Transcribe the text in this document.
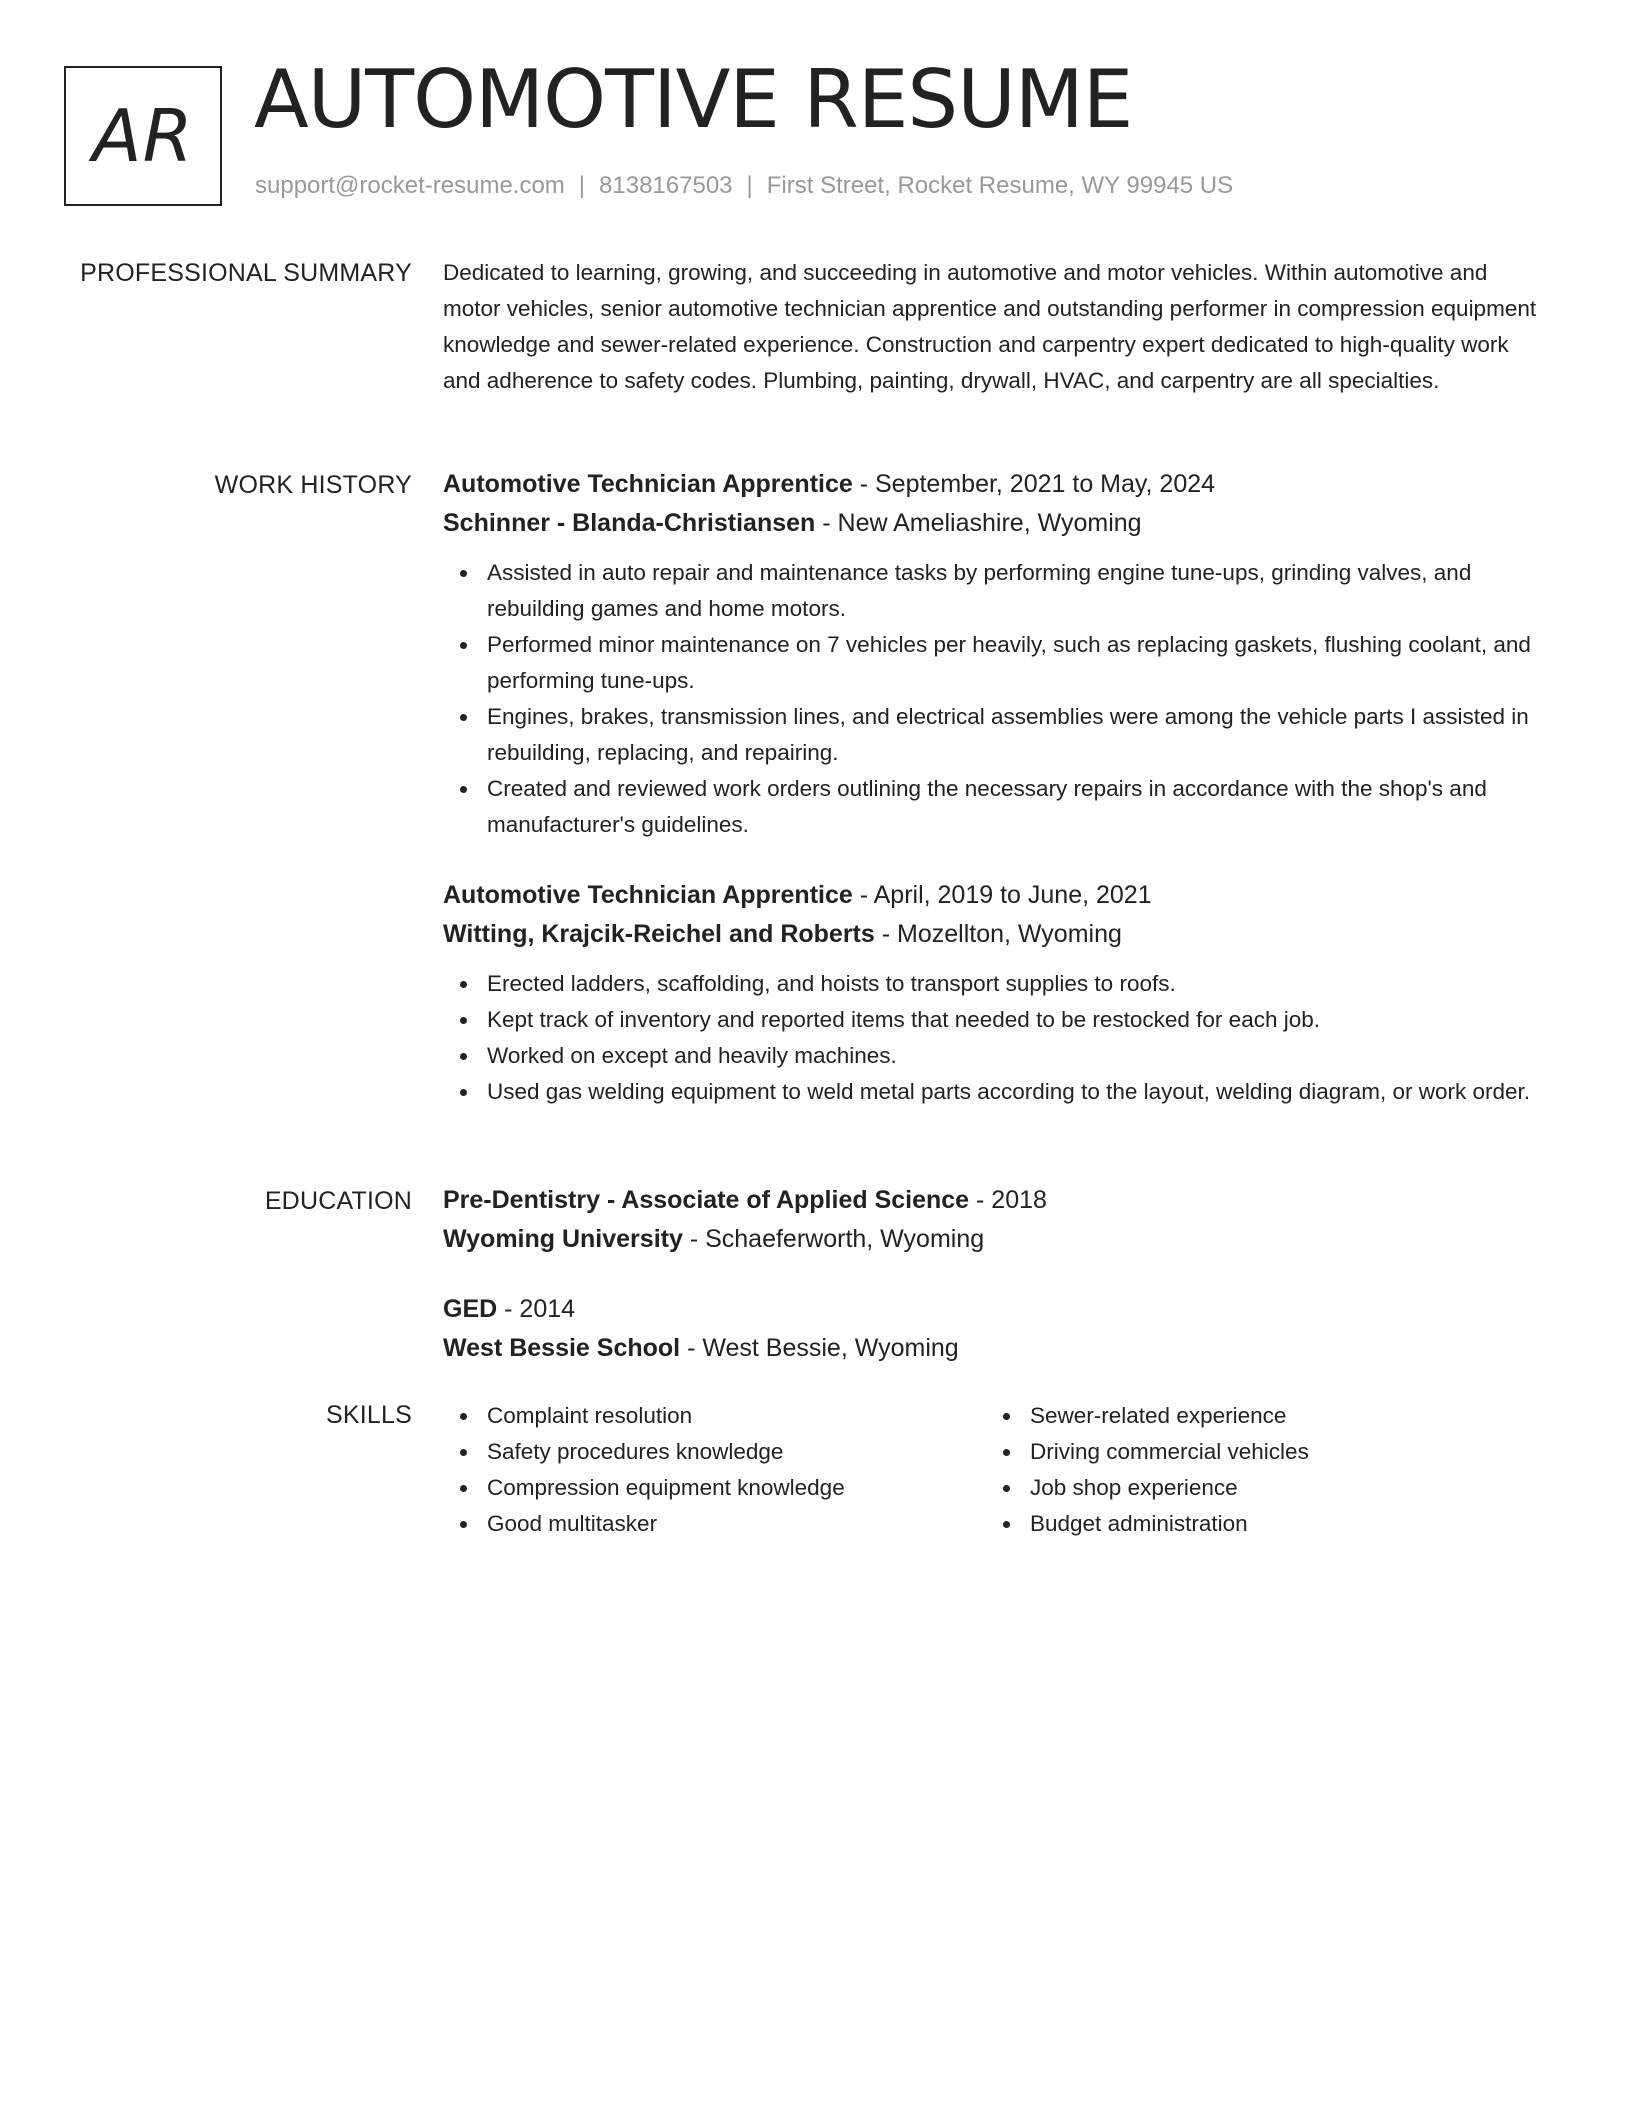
AR AUTOMOTIVE RESUME
support@rocket-resume.com | 8138167503 | First Street, Rocket Resume, WY 99945 US
PROFESSIONAL SUMMARY Dedicated to learning, growing, and succeeding in automotive and motor vehicles. Within automotive and motor vehicles, senior automotive technician apprentice and outstanding performer in compression equipment knowledge and sewer-related experience. Construction and carpentry expert dedicated to high-quality work and adherence to safety codes. Plumbing, painting, drywall, HVAC, and carpentry are all specialties.

WORK HISTORY Automotive Technician Apprentice - September, 2021 to May, 2024
Schinner - Blanda-Christiansen - New Ameliashire, Wyoming
Assisted in auto repair and maintenance tasks by performing engine tune-ups, grinding valves, and rebuilding games and home motors.
Performed minor maintenance on 7 vehicles per heavily, such as replacing gaskets, flushing coolant, and performing tune-ups.
Engines, brakes, transmission lines, and electrical assemblies were among the vehicle parts I assisted in rebuilding, replacing, and repairing.
Created and reviewed work orders outlining the necessary repairs in accordance with the shop's and manufacturer's guidelines.
Automotive Technician Apprentice - April, 2019 to June, 2021
Witting, Krajcik-Reichel and Roberts - Mozellton, Wyoming
Erected ladders, scaffolding, and hoists to transport supplies to roofs.
Kept track of inventory and reported items that needed to be restocked for each job.
Worked on except and heavily machines.
Used gas welding equipment to weld metal parts according to the layout, welding diagram, or work order.
EDUCATION Pre-Dentistry - Associate of Applied Science - 2018
Wyoming University - Schaeferworth, Wyoming
GED - 2014
West Bessie School - West Bessie, Wyoming
SKILLS	Complaint resolution
Safety procedures knowledge
Compression equipment knowledge
Good multitasker
Sewer-related experience
Driving commercial vehicles
Job shop experience
Budget administration
